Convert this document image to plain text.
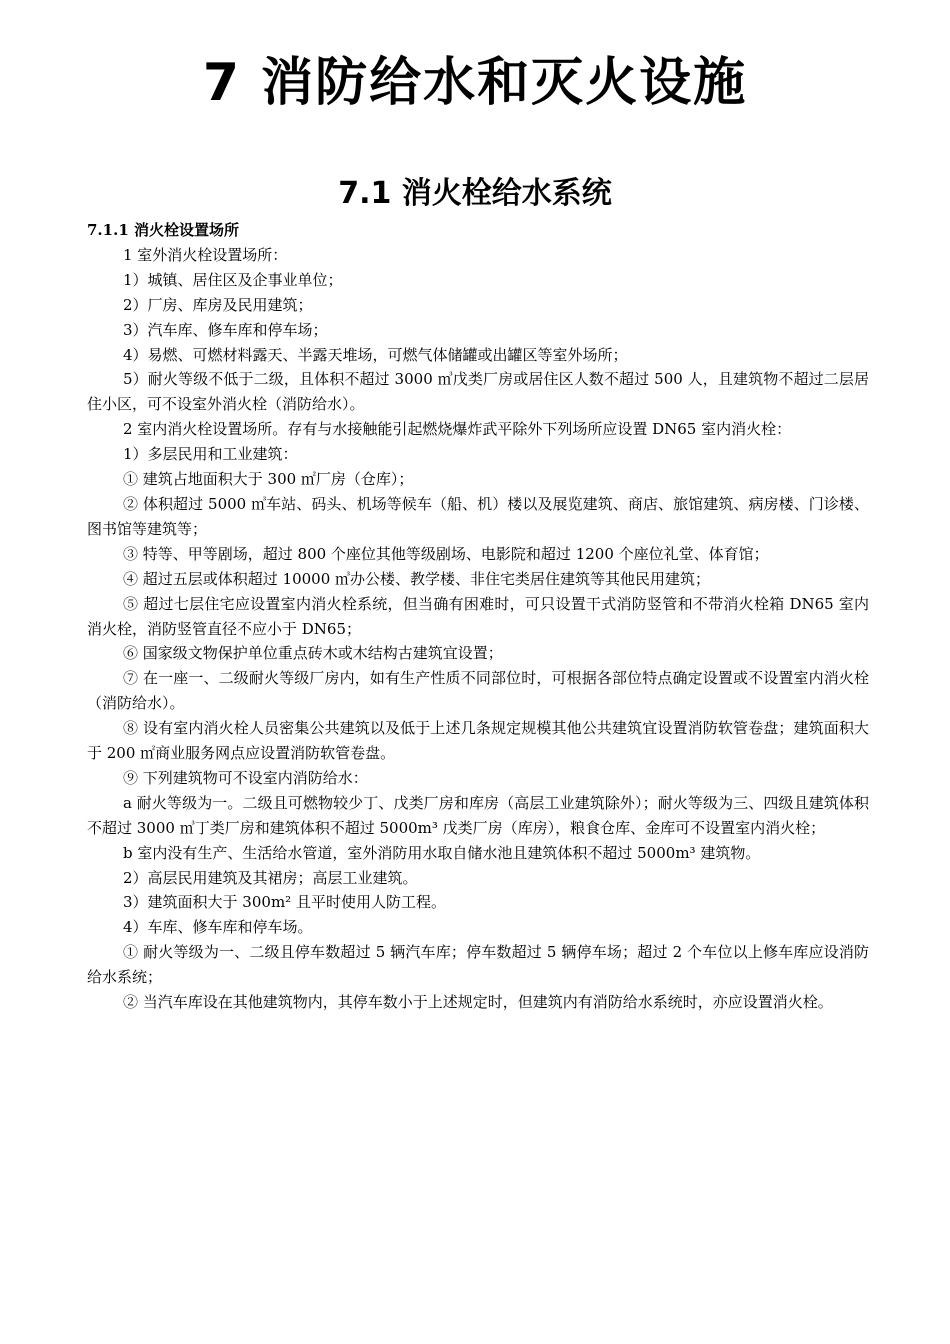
7 消防给水和灭火设施
7.1 消火栓给水系统

7.1.1 消火栓设置场所

1 室外消火栓设置场所：

1）城镇、居住区及企事业单位；

2）厂房、库房及民用建筑；

3）汽车库、修车库和停车场；

4）易燃、可燃材料露天、半露天堆场，可燃气体储罐或出罐区等室外场所；

5）耐火等级不低于二级，且体积不超过 3000 ㎥戊类厂房或居住区人数不超过 500 人，且建筑物不超过二层居住小区，可不设室外消火栓（消防给水）。

2 室内消火栓设置场所。存有与水接触能引起燃烧爆炸武平除外下列场所应设置 DN65 室内消火栓：

1）多层民用和工业建筑：

① 建筑占地面积大于 300 ㎡厂房（仓库）；

② 体积超过 5000 ㎥车站、码头、机场等候车（船、机）楼以及展览建筑、商店、旅馆建筑、病房楼、门诊楼、图书馆等建筑等；

③ 特等、甲等剧场，超过 800 个座位其他等级剧场、电影院和超过 1200 个座位礼堂、体育馆；

④ 超过五层或体积超过 10000 ㎥办公楼、教学楼、非住宅类居住建筑等其他民用建筑；

⑤ 超过七层住宅应设置室内消火栓系统，但当确有困难时，可只设置干式消防竖管和不带消火栓箱 DN65 室内消火栓，消防竖管直径不应小于 DN65；

⑥ 国家级文物保护单位重点砖木或木结构古建筑宜设置；

⑦ 在一座一、二级耐火等级厂房内，如有生产性质不同部位时，可根据各部位特点确定设置或不设置室内消火栓（消防给水）。

⑧ 设有室内消火栓人员密集公共建筑以及低于上述几条规定规模其他公共建筑宜设置消防软管卷盘；建筑面积大于 200 ㎡商业服务网点应设置消防软管卷盘。

⑨ 下列建筑物可不设室内消防给水：

a 耐火等级为一。二级且可燃物较少丁、戊类厂房和库房（高层工业建筑除外）；耐火等级为三、四级且建筑体积不超过 3000 ㎥丁类厂房和建筑体积不超过 5000m³ 戊类厂房（库房），粮食仓库、金库可不设置室内消火栓；

b 室内没有生产、生活给水管道，室外消防用水取自储水池且建筑体积不超过 5000m³ 建筑物。

2）高层民用建筑及其裙房；高层工业建筑。

3）建筑面积大于 300m² 且平时使用人防工程。

4）车库、修车库和停车场。

① 耐火等级为一、二级且停车数超过 5 辆汽车库；停车数超过 5 辆停车场；超过 2 个车位以上修车库应设消防给水系统；

② 当汽车库设在其他建筑物内，其停车数小于上述规定时，但建筑内有消防给水系统时，亦应设置消火栓。
